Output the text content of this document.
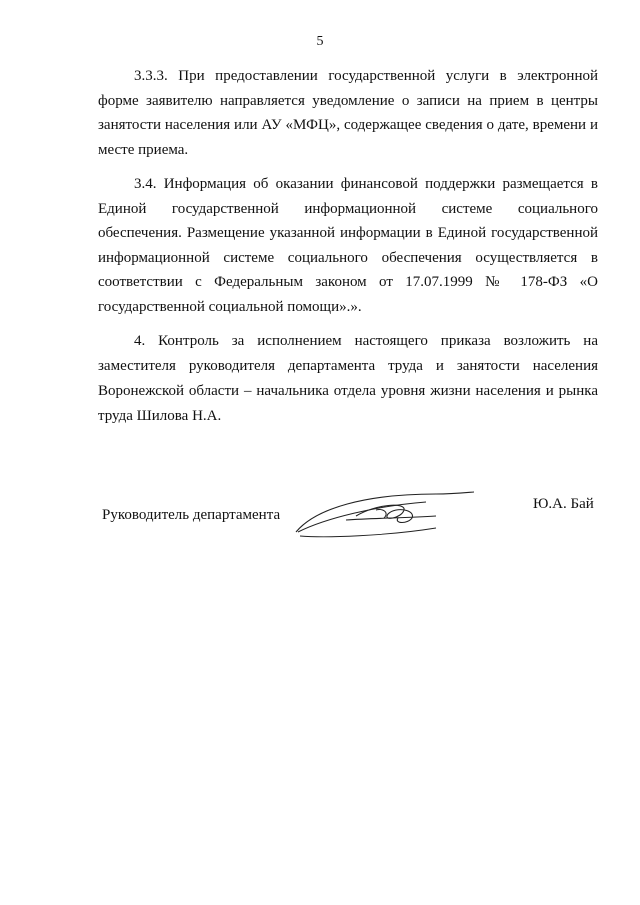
5
3.3.3. При предоставлении государственной услуги в электронной
форме заявителю направляется уведомление о записи на прием в центры
занятости населения или АУ «МФЦ», содержащее сведения о дате, времени и
месте приема.
3.4. Информация об оказании финансовой поддержки размещается в
Единой государственной информационной системе социального
обеспечения. Размещение указанной информации в Единой государственной
информационной системе социального обеспечения осуществляется в
соответствии с Федеральным законом от 17.07.1999 № 178-ФЗ «О
государственной социальной помощи».».
4. Контроль за исполнением настоящего приказа возложить на
заместителя руководителя департамента труда и занятости населения
Воронежской области – начальника отдела уровня жизни населения и рынка
труда Шилова Н.А.
Руководитель департамента
Ю.А. Бай
